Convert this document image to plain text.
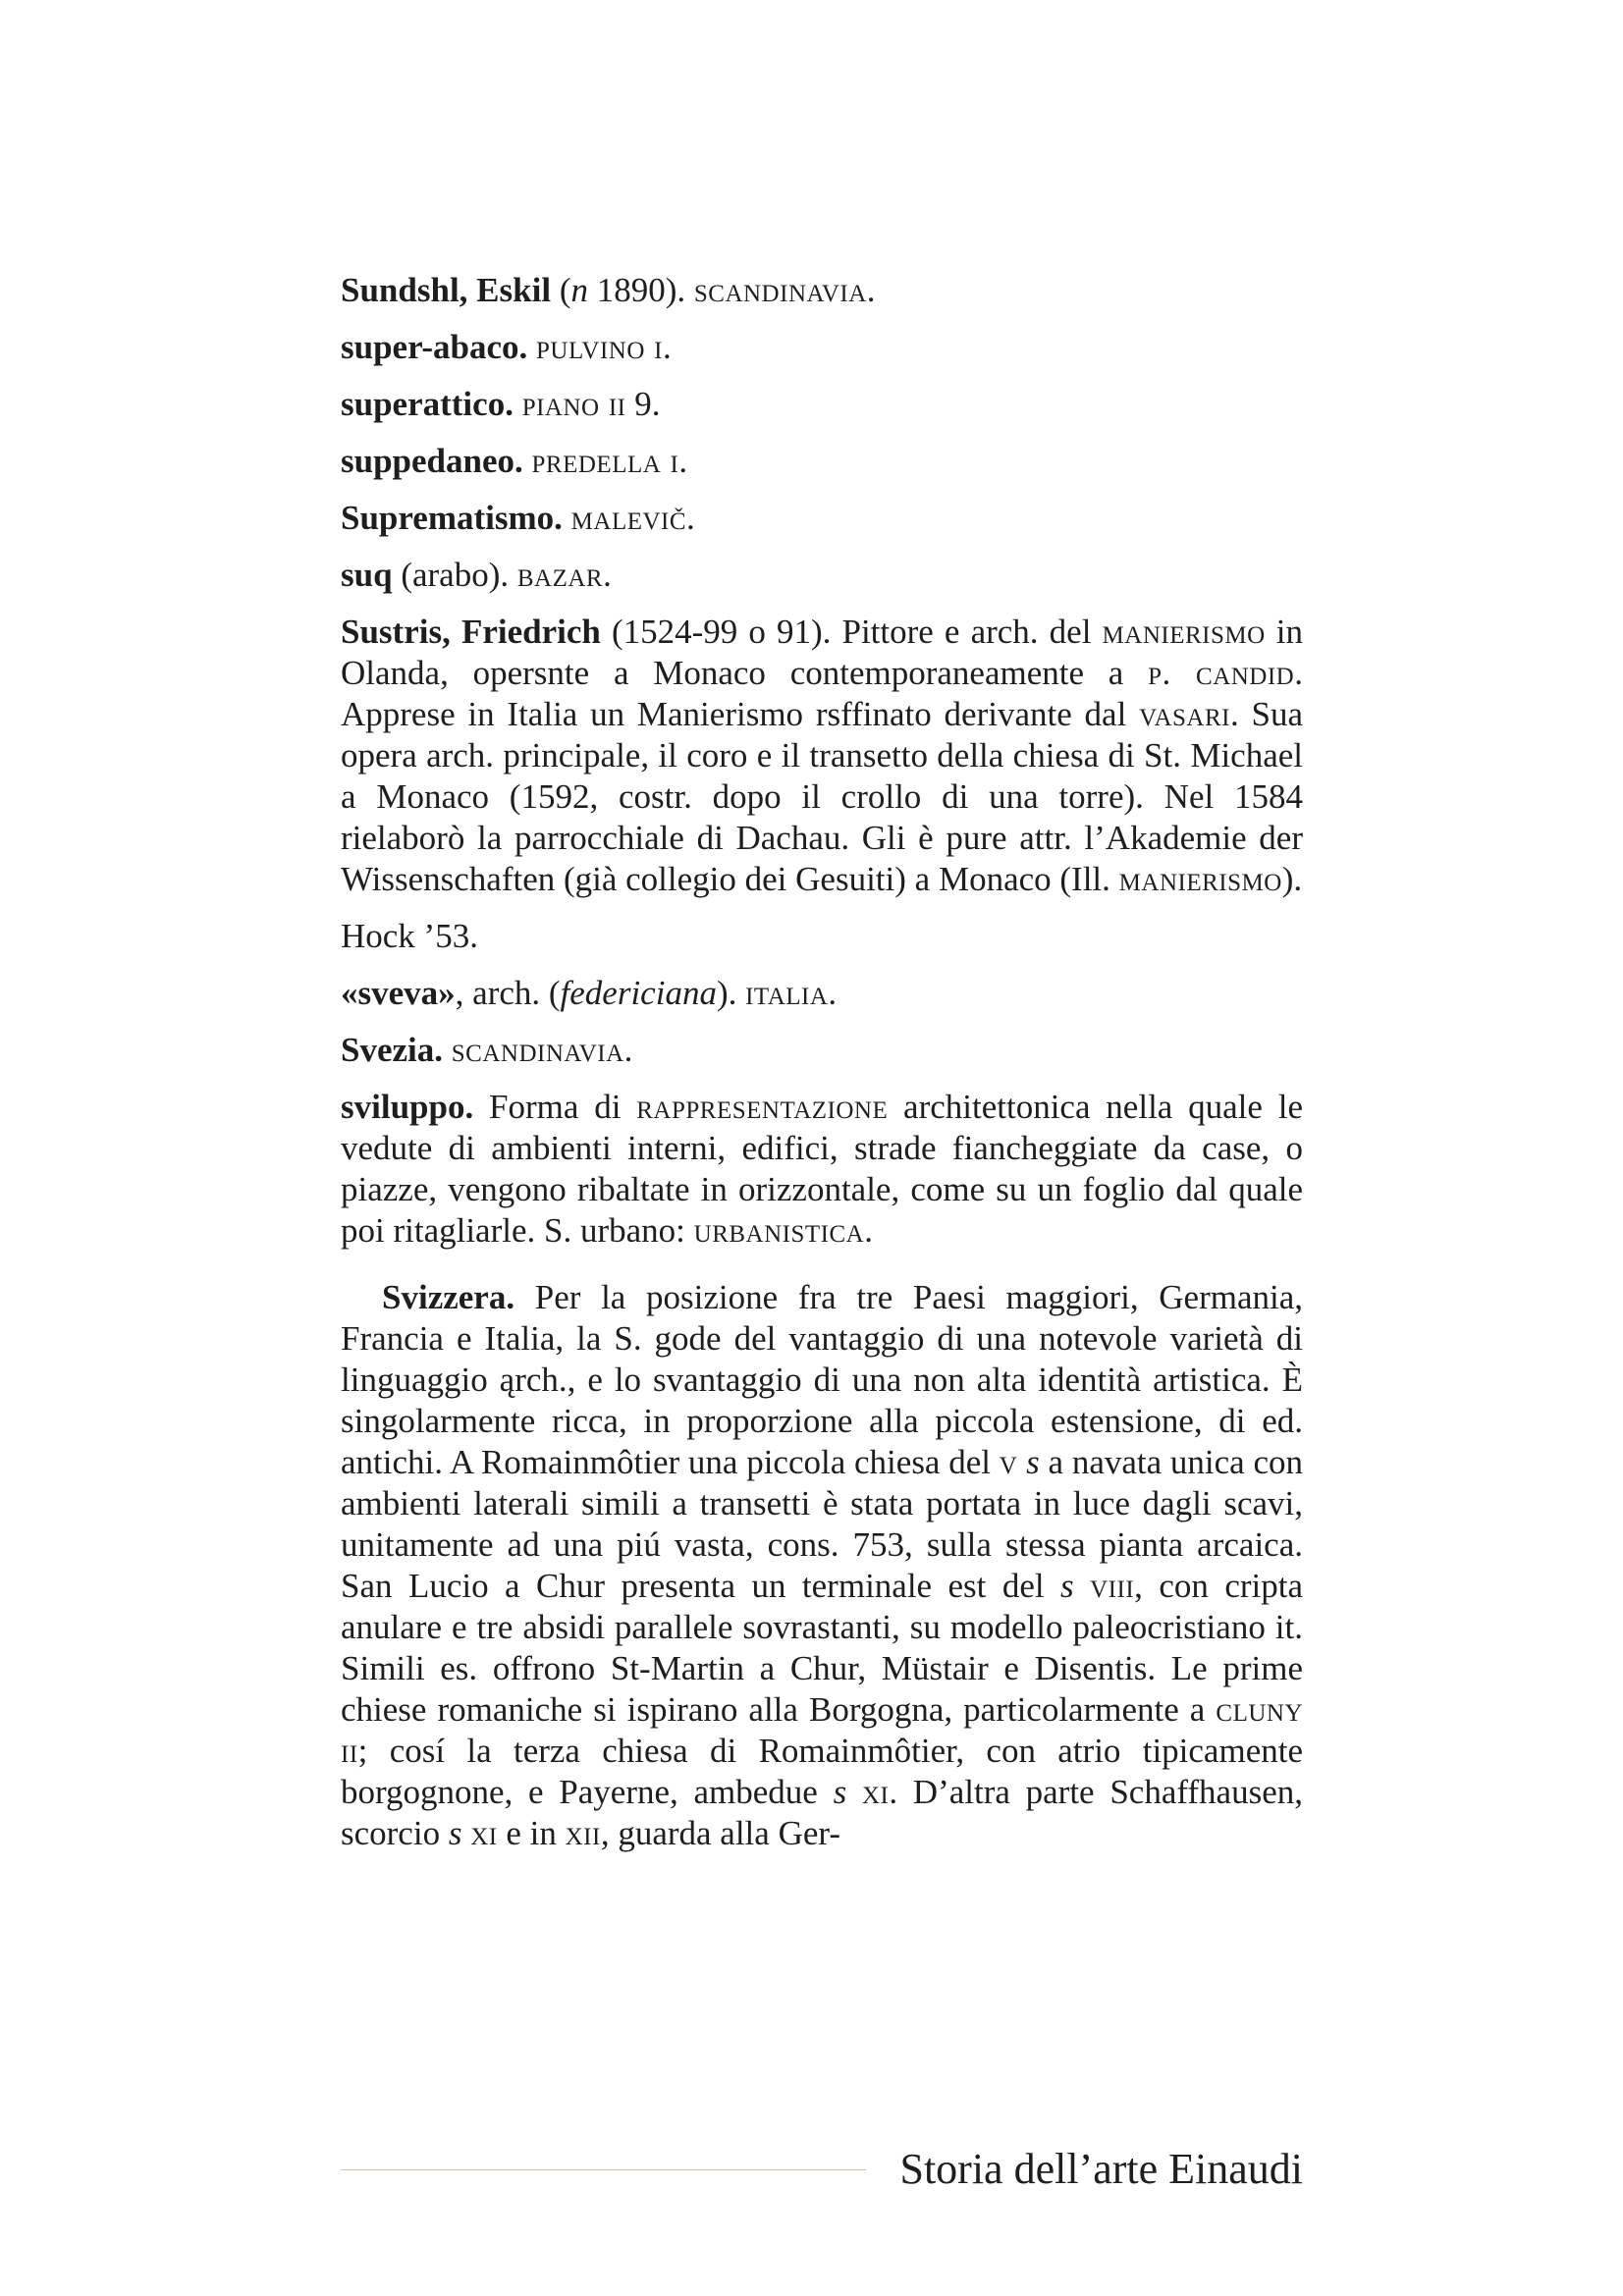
Sundshl, Eskil (n 1890). scandinavia.

super-abaco. pulvino i.

superattico. piano ii 9.

suppedaneo. predella i.

Suprematismo. malevič.

suq (arabo). bazar.

Sustris, Friedrich (1524-99 o 91). Pittore e arch. del manierismo in Olanda, opersnte a Monaco contemporaneamente a p. candid. Apprese in Italia un Manierismo rsffinato derivante dal vasari. Sua opera arch. principale, il coro e il transetto della chiesa di St. Michael a Monaco (1592, costr. dopo il crollo di una torre). Nel 1584 rielaborò la parrocchiale di Dachau. Gli è pure attr. l’Akademie der Wissenschaften (già collegio dei Gesuiti) a Monaco (Ill. manierismo).

Hock ’53.

«sveva», arch. (federiciana). italia.

Svezia. scandinavia.

sviluppo. Forma di rappresentazione architettonica nella quale le vedute di ambienti interni, edifici, strade fiancheggiate da case, o piazze, vengono ribaltate in orizzontale, come su un foglio dal quale poi ritagliarle. S. urbano: urbanistica.

Svizzera. Per la posizione fra tre Paesi maggiori, Germania, Francia e Italia, la S. gode del vantaggio di una notevole varietà di linguaggio ąrch., e lo svantaggio di una non alta identità artistica. È singolarmente ricca, in proporzione alla piccola estensione, di ed. antichi. A Romainmôtier una piccola chiesa del v s a navata unica con ambienti laterali simili a transetti è stata portata in luce dagli scavi, unitamente ad una piú vasta, cons. 753, sulla stessa pianta arcaica. San Lucio a Chur presenta un terminale est del s viii, con cripta anulare e tre absidi parallele sovrastanti, su modello paleocristiano it. Simili es. offrono St-Martin a Chur, Müstair e Disentis. Le prime chiese romaniche si ispirano alla Borgogna, particolarmente a cluny ii; cosí la terza chiesa di Romainmôtier, con atrio tipicamente borgognone, e Payerne, ambedue s xi. D’altra parte Schaffhausen, scorcio s xi e in xii, guarda alla Ger-

Storia dell’arte Einaudi
